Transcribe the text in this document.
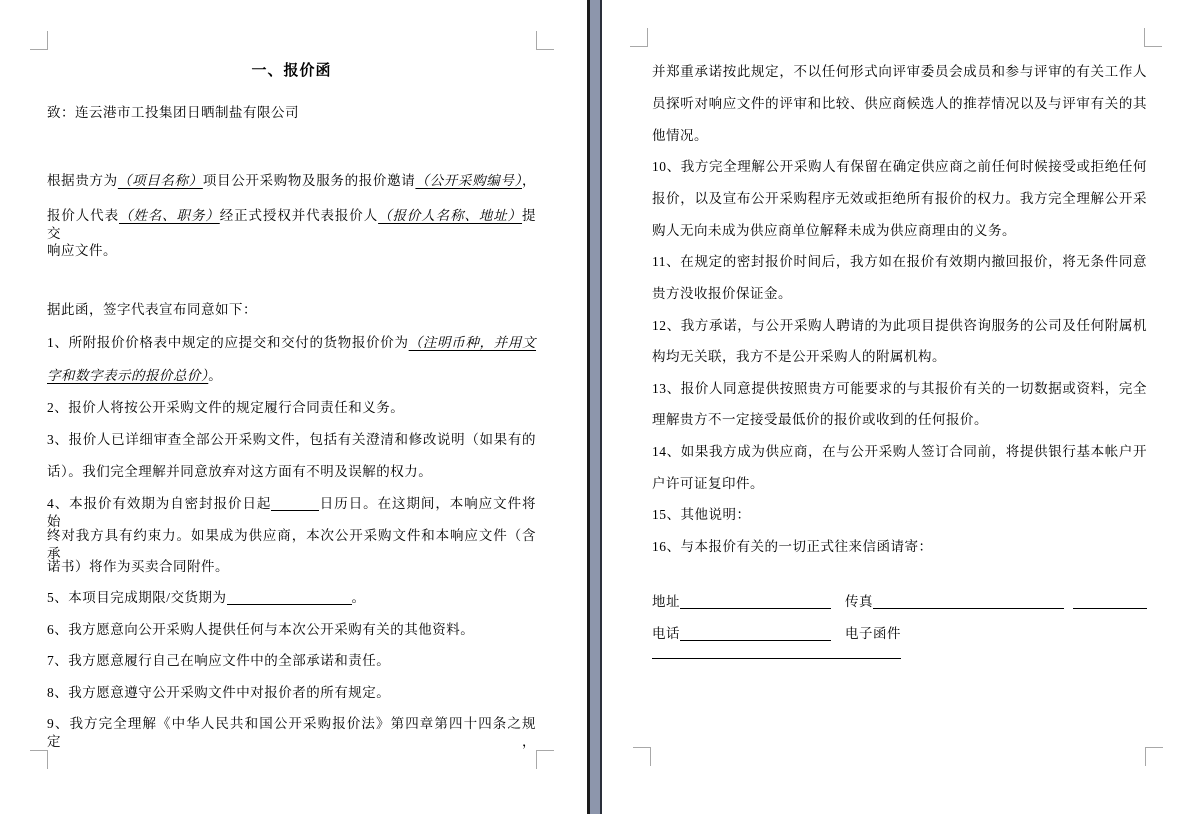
一、报价函
致：连云港市工投集团日晒制盐有限公司
根据贵方为（项目名称）项目公开采购物及服务的报价邀请（公开采购编号），
报价人代表（姓名、职务）经正式授权并代表报价人（报价人名称、地址）提交
响应文件。
据此函，签字代表宣布同意如下：
1、所附报价价格表中规定的应提交和交付的货物报价价为（注明币种，并用文
字和数字表示的报价总价）。
2、报价人将按公开采购文件的规定履行合同责任和义务。
3、报价人已详细审查全部公开采购文件，包括有关澄清和修改说明（如果有的
话）。我们完全理解并同意放弃对这方面有不明及误解的权力。
4、本报价有效期为自密封报价日起	日历日。在这期间，本响应文件将始
终对我方具有约束力。如果成为供应商，本次公开采购文件和本响应文件（含承
诺书）将作为买卖合同附件。
5、本项目完成期限/交货期为	。
6、我方愿意向公开采购人提供任何与本次公开采购有关的其他资料。
7、我方愿意履行自己在响应文件中的全部承诺和责任。
8、我方愿意遵守公开采购文件中对报价者的所有规定。
9、我方完全理解《中华人民共和国公开采购报价法》第四章第四十四条之规定，
并郑重承诺按此规定，不以任何形式向评审委员会成员和参与评审的有关工作人
员探听对响应文件的评审和比较、供应商候选人的推荐情况以及与评审有关的其
他情况。
10、我方完全理解公开采购人有保留在确定供应商之前任何时候接受或拒绝任何
报价，以及宣布公开采购程序无效或拒绝所有报价的权力。我方完全理解公开采
购人无向未成为供应商单位解释未成为供应商理由的义务。
11、在规定的密封报价时间后，我方如在报价有效期内撤回报价，将无条件同意
贵方没收报价保证金。
12、我方承诺，与公开采购人聘请的为此项目提供咨询服务的公司及任何附属机
构均无关联，我方不是公开采购人的附属机构。
13、报价人同意提供按照贵方可能要求的与其报价有关的一切数据或资料，完全
理解贵方不一定接受最低价的报价或收到的任何报价。
14、如果我方成为供应商，在与公开采购人签订合同前，将提供银行基本帐户开
户许可证复印件。
15、其他说明：
16、与本报价有关的一切正式往来信函请寄：
地址	传真
电话	电子函件
